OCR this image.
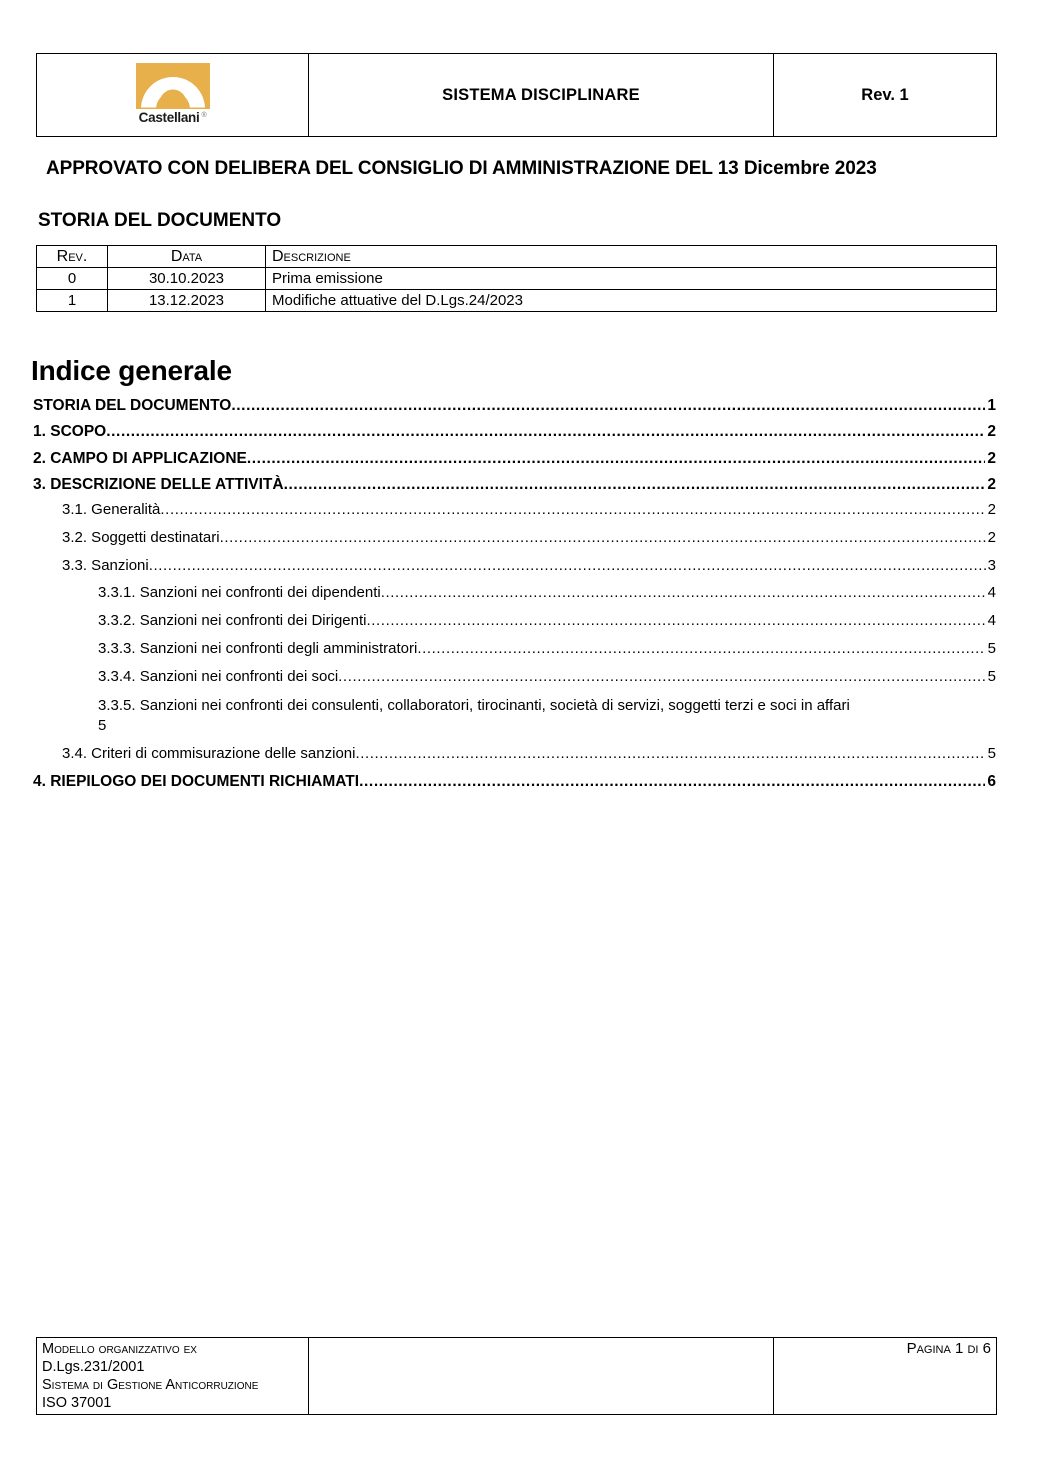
Castellani ®
	SISTEMA DISCIPLINARE	Rev. 1
APPROVATO CON DELIBERA DEL CONSIGLIO DI AMMINISTRAZIONE DEL 13 Dicembre 2023
STORIA DEL DOCUMENTO
Rev.	Data	Descrizione
0	30.10.2023	Prima emissione
1	13.12.2023	Modifiche attuative del D.Lgs.24/2023
Indice generale
STORIA DEL DOCUMENTO .....	1
1. SCOPO .....	2
2. CAMPO DI APPLICAZIONE .....	2
3. DESCRIZIONE DELLE ATTIVITÀ .....	2
3.1. Generalità .....	2
3.2. Soggetti destinatari .....	2
3.3. Sanzioni .....	3
3.3.1. Sanzioni nei confronti dei dipendenti .....	4
3.3.2. Sanzioni nei confronti dei Dirigenti .....	4
3.3.3. Sanzioni nei confronti degli amministratori .....	5
3.3.4. Sanzioni nei confronti dei soci .....	5
3.3.5. Sanzioni nei confronti dei consulenti, collaboratori, tirocinanti, società di servizi, soggetti terzi e soci in affari
5
3.4. Criteri di commisurazione delle sanzioni .....	5
4. RIEPILOGO DEI DOCUMENTI RICHIAMATI .....	6
Modello organizzativo ex
D.Lgs.231/2001
Sistema di Gestione Anticorruzione
ISO 37001
		Pagina 1 di 6
